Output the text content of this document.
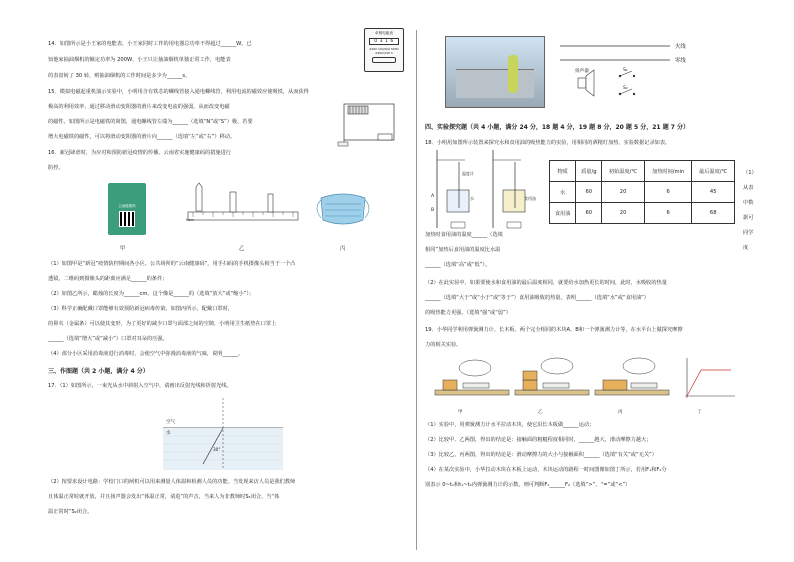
14．如图所示是小王家的电能表，小王家同时工作的用电器总功率不得超过______W。已
知他家抽油烟机的额定功率为 200W，小王只让抽油烟机单独正常工作，电能表
的表盘转了 30 转，则抽油烟机的工作时间是多少为______s。
单相电能表
0 3 1 6
220V 10(20)A 50Hz
2400r/kW·h
15．模拟电磁起重机演示实验中，小明用含有铁芯的螺线管接入通电螺线管，利用电流的磁效应使吸铁，从而获得
极高的利用效率，通过移动滑动变阻器的滑片来改变电流的强弱，从而改变电磁
的磁性，如图所示是电磁铁的简图，通电螺线管左端为______（选填“N”或“S”）极，若要
增大电磁铁的磁性，可以将滑动变阻器的滑片向______（选填“左”或“右”）移动。
16．新冠肆虐时，为应对和预防新冠疫情的传播，云南省实施健康码的措施进行
防控。
云南健康码
甲
0cm
乙	丙
（1）如图甲是“新冠”疫情防控期间各小区、公共场所的“云南健康码”，用手扫码的手机摄像头相当于一个凸
透镜，二维码到摄像头的距离应满足______的条件；
（2）如图乙所示，蜡烛的长度为______cm，这个像是______的（选填“放大”或“缩小”）；
（3）科学正确配戴口罩能够有效预防新冠病毒传染。如图丙所示，配戴口罩时，
的鼻夹（金属条）可以使其变形，为了更好的减少口罩与面部之间的空隙，小明用卫生纸垫在口罩上
______（选填“增大”或“减小”）口罩对耳朵的压强。
（4）部分小区采用消毒液进行消毒时，会使空气中弥漫消毒液的气味，说明______。
三、作图题（共 2 小题，满分 4 分）
17．（1）如图所示，一束光从水中斜射入空气中。请画出反射光线和折射光线。
空气
水
30°
（2）按要求设计电路：学校门口的闸机可以用来测量人体温和检测人员的功能。当发现来访人员是我们教师
且体温正常时就开放，并且扬声器会发出“体温正常，请进”的声音，当来人为非教师时S₁闭合。当“体
温正常时”S₂闭合。
火线
零线
扬声器	S₁
S₂
四、实验探究题（共 4 小题，满分 24 分，18 题 4 分，19 题 8 分，20 题 5 分，21 题 7 分）
18．小明用如图所示装置来探究水和食用油的吸热能力的实验，用相同的酒精灯加热，实验数据记录如表。
A
B
温度计
水	食用油
物质	质量/g	初始温度/℃	加热时间/min	最后温度/℃
水	60	20	6	45
食用油	60	20	6	68
（1）
从表
中数
据可
同学
度
加热时食用油的温度______（选填
相同”加热后食用油的温度比水温
______（选填“高”或“低”）。
（2）在此实验中，如果要使水和食用油的最后温度相同，就要给水加热更长的时间，此时，水吸收的热量
______（选填“大于”或“小于”或“等于”）食用油吸收的热量。表明______（选填“水”或“食用油”）
的吸热能力更强。（选填“强”或“弱”）
19．小华同学利用弹簧测力计、长木板、两个完全相同的木块A、B和一个弹簧测力计等，在水平台上做探究摩擦
力的相关实验。
甲	乙	丙	丁
（1）实验中，用弹簧测力计水平拉动木块，使它沿长木板做______运动；
（2）比较甲、乙两图，得出的结论是：接触面的粗糙程度相同时，______越大，滑动摩擦力越大；
（3）比较乙、丙两图，得出的结论是：滑动摩擦力的大小与接触面积______（选填“有关”或“无关”）
（4）在某次实验中，小华拉动木块在木板上运动，木块运动的路程一时间图像如图丁所示，若用F₁和F₂分
别表示 0~t₁和t₁~t₂内弹簧测力计的示数，则可判断F₁______F₂（选填“>”、“=”或“<”）
